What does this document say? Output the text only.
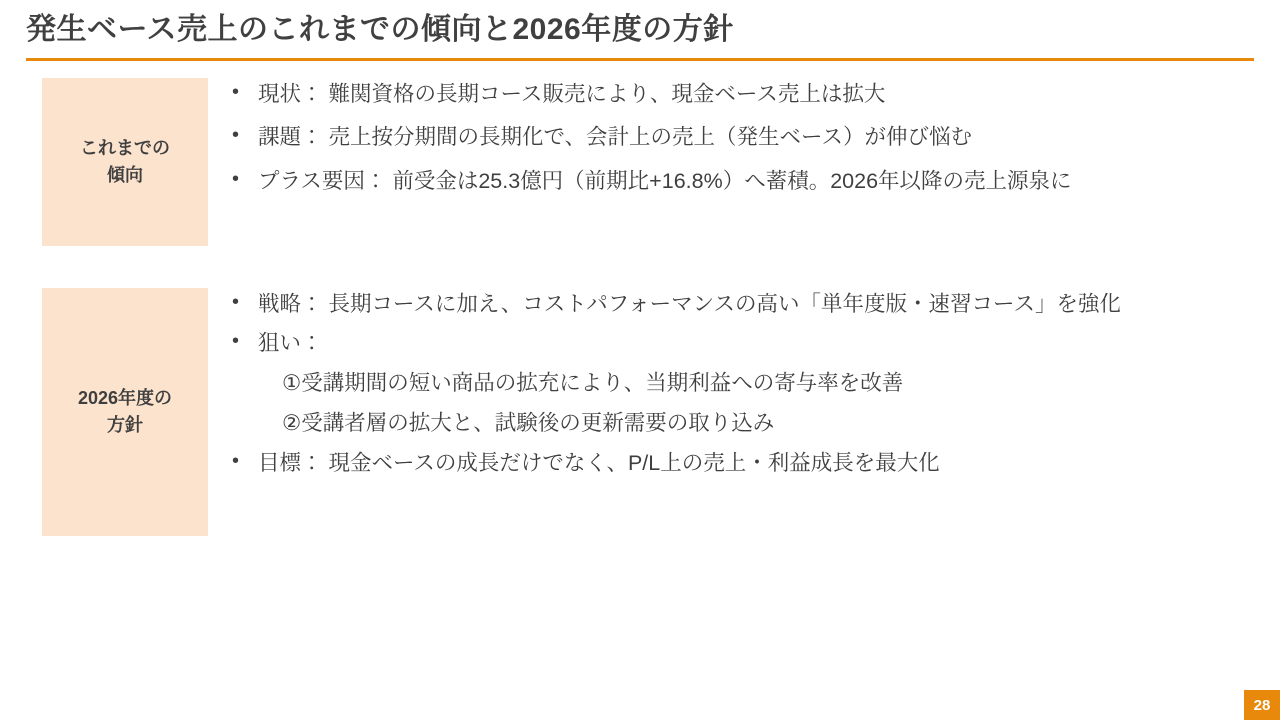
発生ベース売上のこれまでの傾向と2026年度の方針
これまでの
傾向
• 現状： 難関資格の長期コース販売により、現金ベース売上は拡大
• 課題： 売上按分期間の長期化で、会計上の売上（発生ベース）が伸び悩む
• プラス要因： 前受金は25.3億円（前期比+16.8%）へ蓄積。2026年以降の売上源泉に
2026年度の
方針
• 戦略： 長期コースに加え、コストパフォーマンスの高い「単年度版・速習コース」を強化
• 狙い：
①受講期間の短い商品の拡充により、当期利益への寄与率を改善
②受講者層の拡大と、試験後の更新需要の取り込み
• 目標： 現金ベースの成長だけでなく、P/L上の売上・利益成長を最大化
28
